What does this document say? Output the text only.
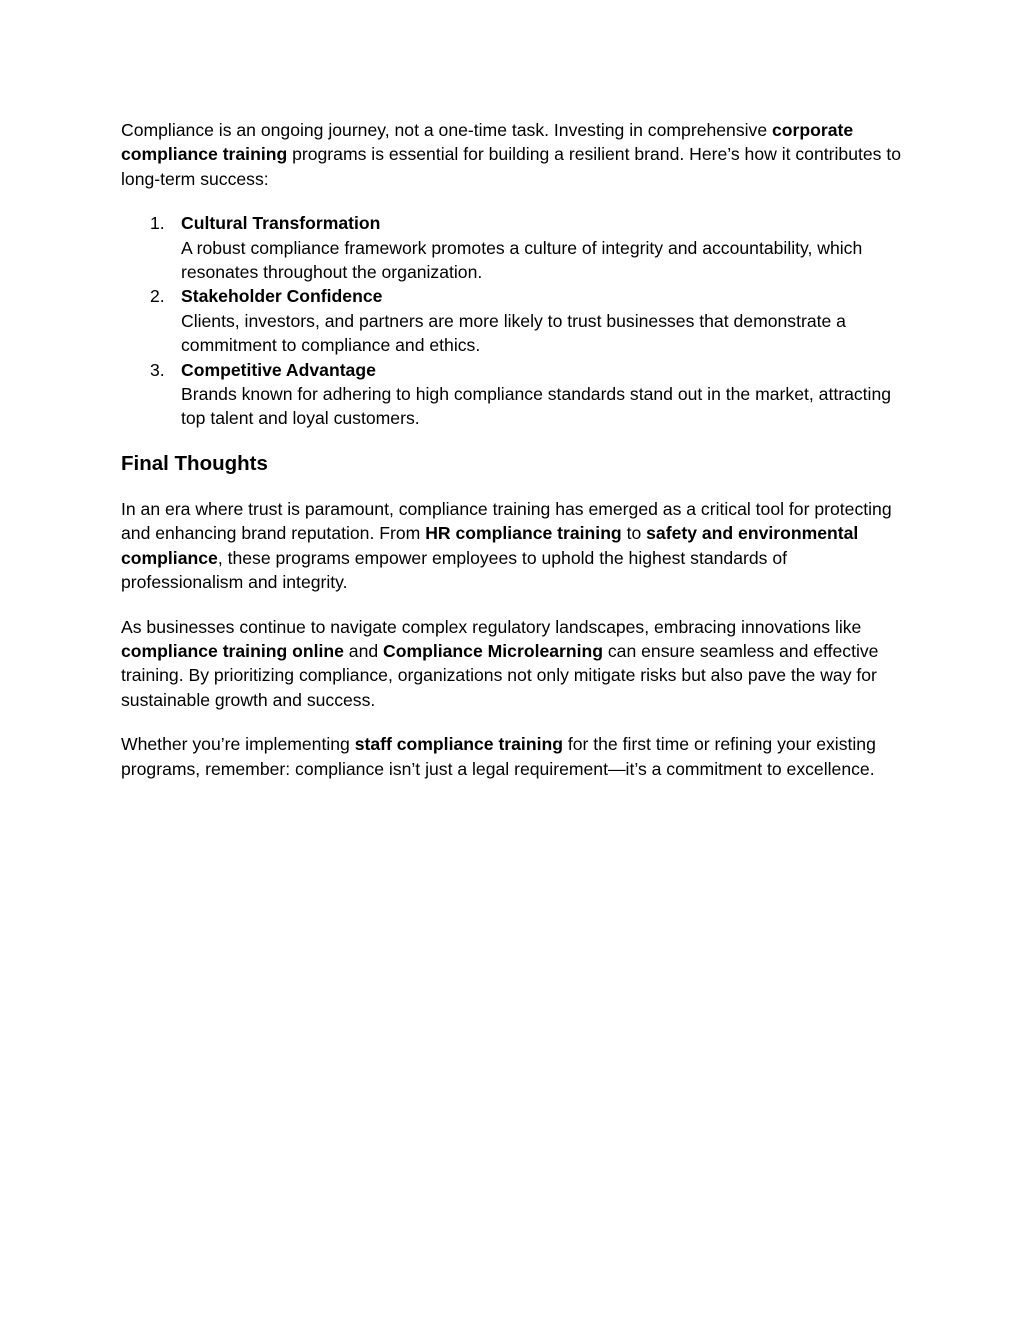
Compliance is an ongoing journey, not a one-time task. Investing in comprehensive corporate compliance training programs is essential for building a resilient brand. Here’s how it contributes to long-term success:

1. Cultural Transformation
A robust compliance framework promotes a culture of integrity and accountability, which resonates throughout the organization.
2. Stakeholder Confidence
Clients, investors, and partners are more likely to trust businesses that demonstrate a commitment to compliance and ethics.
3. Competitive Advantage
Brands known for adhering to high compliance standards stand out in the market, attracting top talent and loyal customers.
Final Thoughts

In an era where trust is paramount, compliance training has emerged as a critical tool for protecting and enhancing brand reputation. From HR compliance training to safety and environmental compliance, these programs empower employees to uphold the highest standards of professionalism and integrity.

As businesses continue to navigate complex regulatory landscapes, embracing innovations like compliance training online and Compliance Microlearning can ensure seamless and effective training. By prioritizing compliance, organizations not only mitigate risks but also pave the way for sustainable growth and success.

Whether you’re implementing staff compliance training for the first time or refining your existing programs, remember: compliance isn’t just a legal requirement—it’s a commitment to excellence.
